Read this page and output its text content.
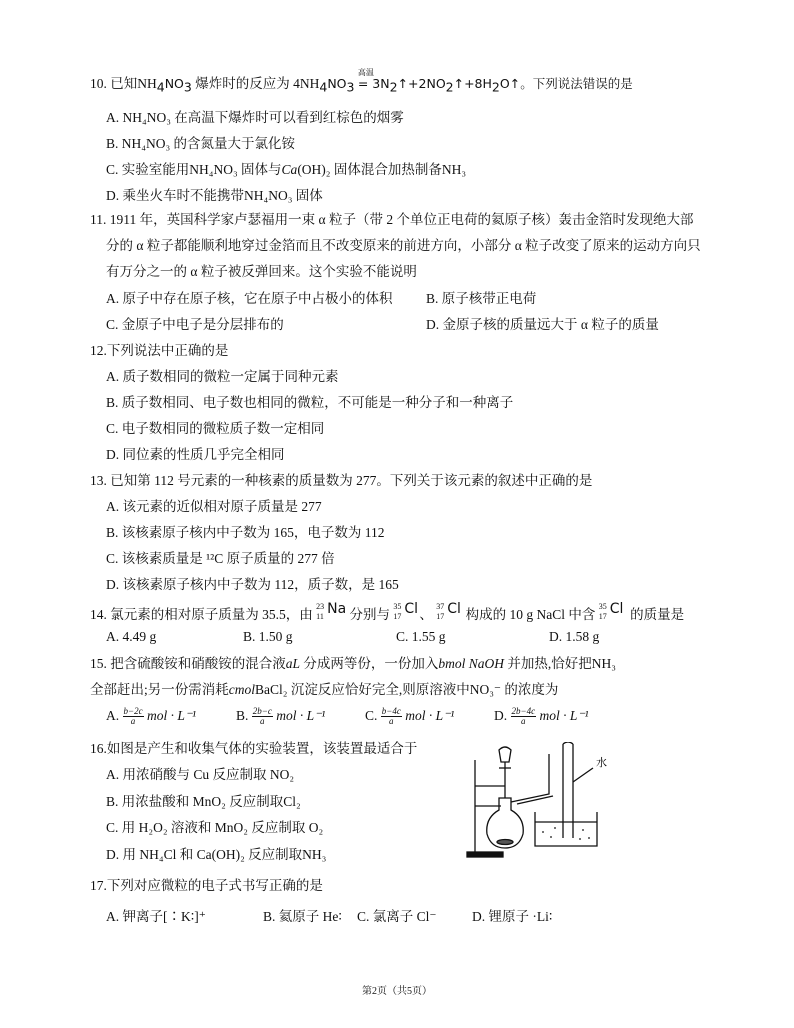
10. 已知$NH_4NO_3$ 爆炸时的反应为 $4NH_4NO_3$
高温
= $3N_2↑+2NO_2↑+8H_2O↑$。下列说法错误的是
A. NH₄NO₃ 在高温下爆炸时可以看到红棕色的烟雾
B. NH₄NO₃ 的含氮量大于氯化铵
C. 实验室能用NH₄NO₃ 固体与Ca(OH)₂ 固体混合加热制备NH₃
D. 乘坐火车时不能携带NH₄NO₃ 固体
11. 1911 年，英国科学家卢瑟福用一束 α 粒子（带 2 个单位正电荷的氦原子核）轰击金箔时发现绝大部
分的 α 粒子都能顺利地穿过金箔而且不改变原来的前进方向，小部分 α 粒子改变了原来的运动方向只
有万分之一的 α 粒子被反弹回来。这个实验不能说明
A. 原子中存在原子核，它在原子中占极小的体积 B. 原子核带正电荷
C. 金原子中电子是分层排布的	D. 金原子核的质量远大于 α 粒子的质量
12.下列说法中正确的是
A. 质子数相同的微粒一定属于同种元素
B. 质子数相同、电子数也相同的微粒，不可能是一种分子和一种离子
C. 电子数相同的微粒质子数一定相同
D. 同位素的性质几乎完全相同
13. 已知第 112 号元素的一种核素的质量数为 277。下列关于该元素的叙述中正确的是
A. 该元素的近似相对原子质量是 277
B. 该核素原子核内中子数为 165，电子数为 112
C. 该核素质量是 ¹²C 原子质量的 277 倍
D. 该核素原子核内中子数为 112，质子数，是 165
14. 氯元素的相对原子质量为 35.5，由
23
11 Na 分别与
35
17 Cl 、
37
17 Cl 构成的 10 g NaCl 中含
35
17 Cl 的质量是
A. 4.49 g	B. 1.50 g	C. 1.55 g	D. 1.58 g
15. 把含硫酸铵和硝酸铵的混合液aL 分成两等份，一份加入bmol NaOH 并加热,恰好把NH₃
全部赶出;另一份需消耗cmolBaCl₂ 沉淀反应恰好完全,则原溶液中NO₃⁻ 的浓度为
A. $\frac{b-2c}{a}$ mol · L⁻¹	B. $\frac{2b-c}{a}$ mol · L⁻¹	C. $\frac{b-4c}{a}$ mol · L⁻¹	D. $\frac{2b-4c}{a}$ mol · L⁻¹
16.如图是产生和收集气体的实验装置，该装置最适合于
A. 用浓硝酸与 Cu 反应制取 NO₂
B. 用浓盐酸和 MnO₂ 反应制取Cl₂
C. 用 H₂O₂ 溶液和 MnO₂ 反应制取 O₂
D. 用 NH₄Cl 和 Ca(OH)₂ 反应制取NH₃
水
17.下列对应微粒的电子式书写正确的是
A. 钾离子[∶K∶]⁺	B. 氦原子 He∶ C. 氯离子 Cl⁻	D. 锂原子 ·Li∶
第2页（共5页）
